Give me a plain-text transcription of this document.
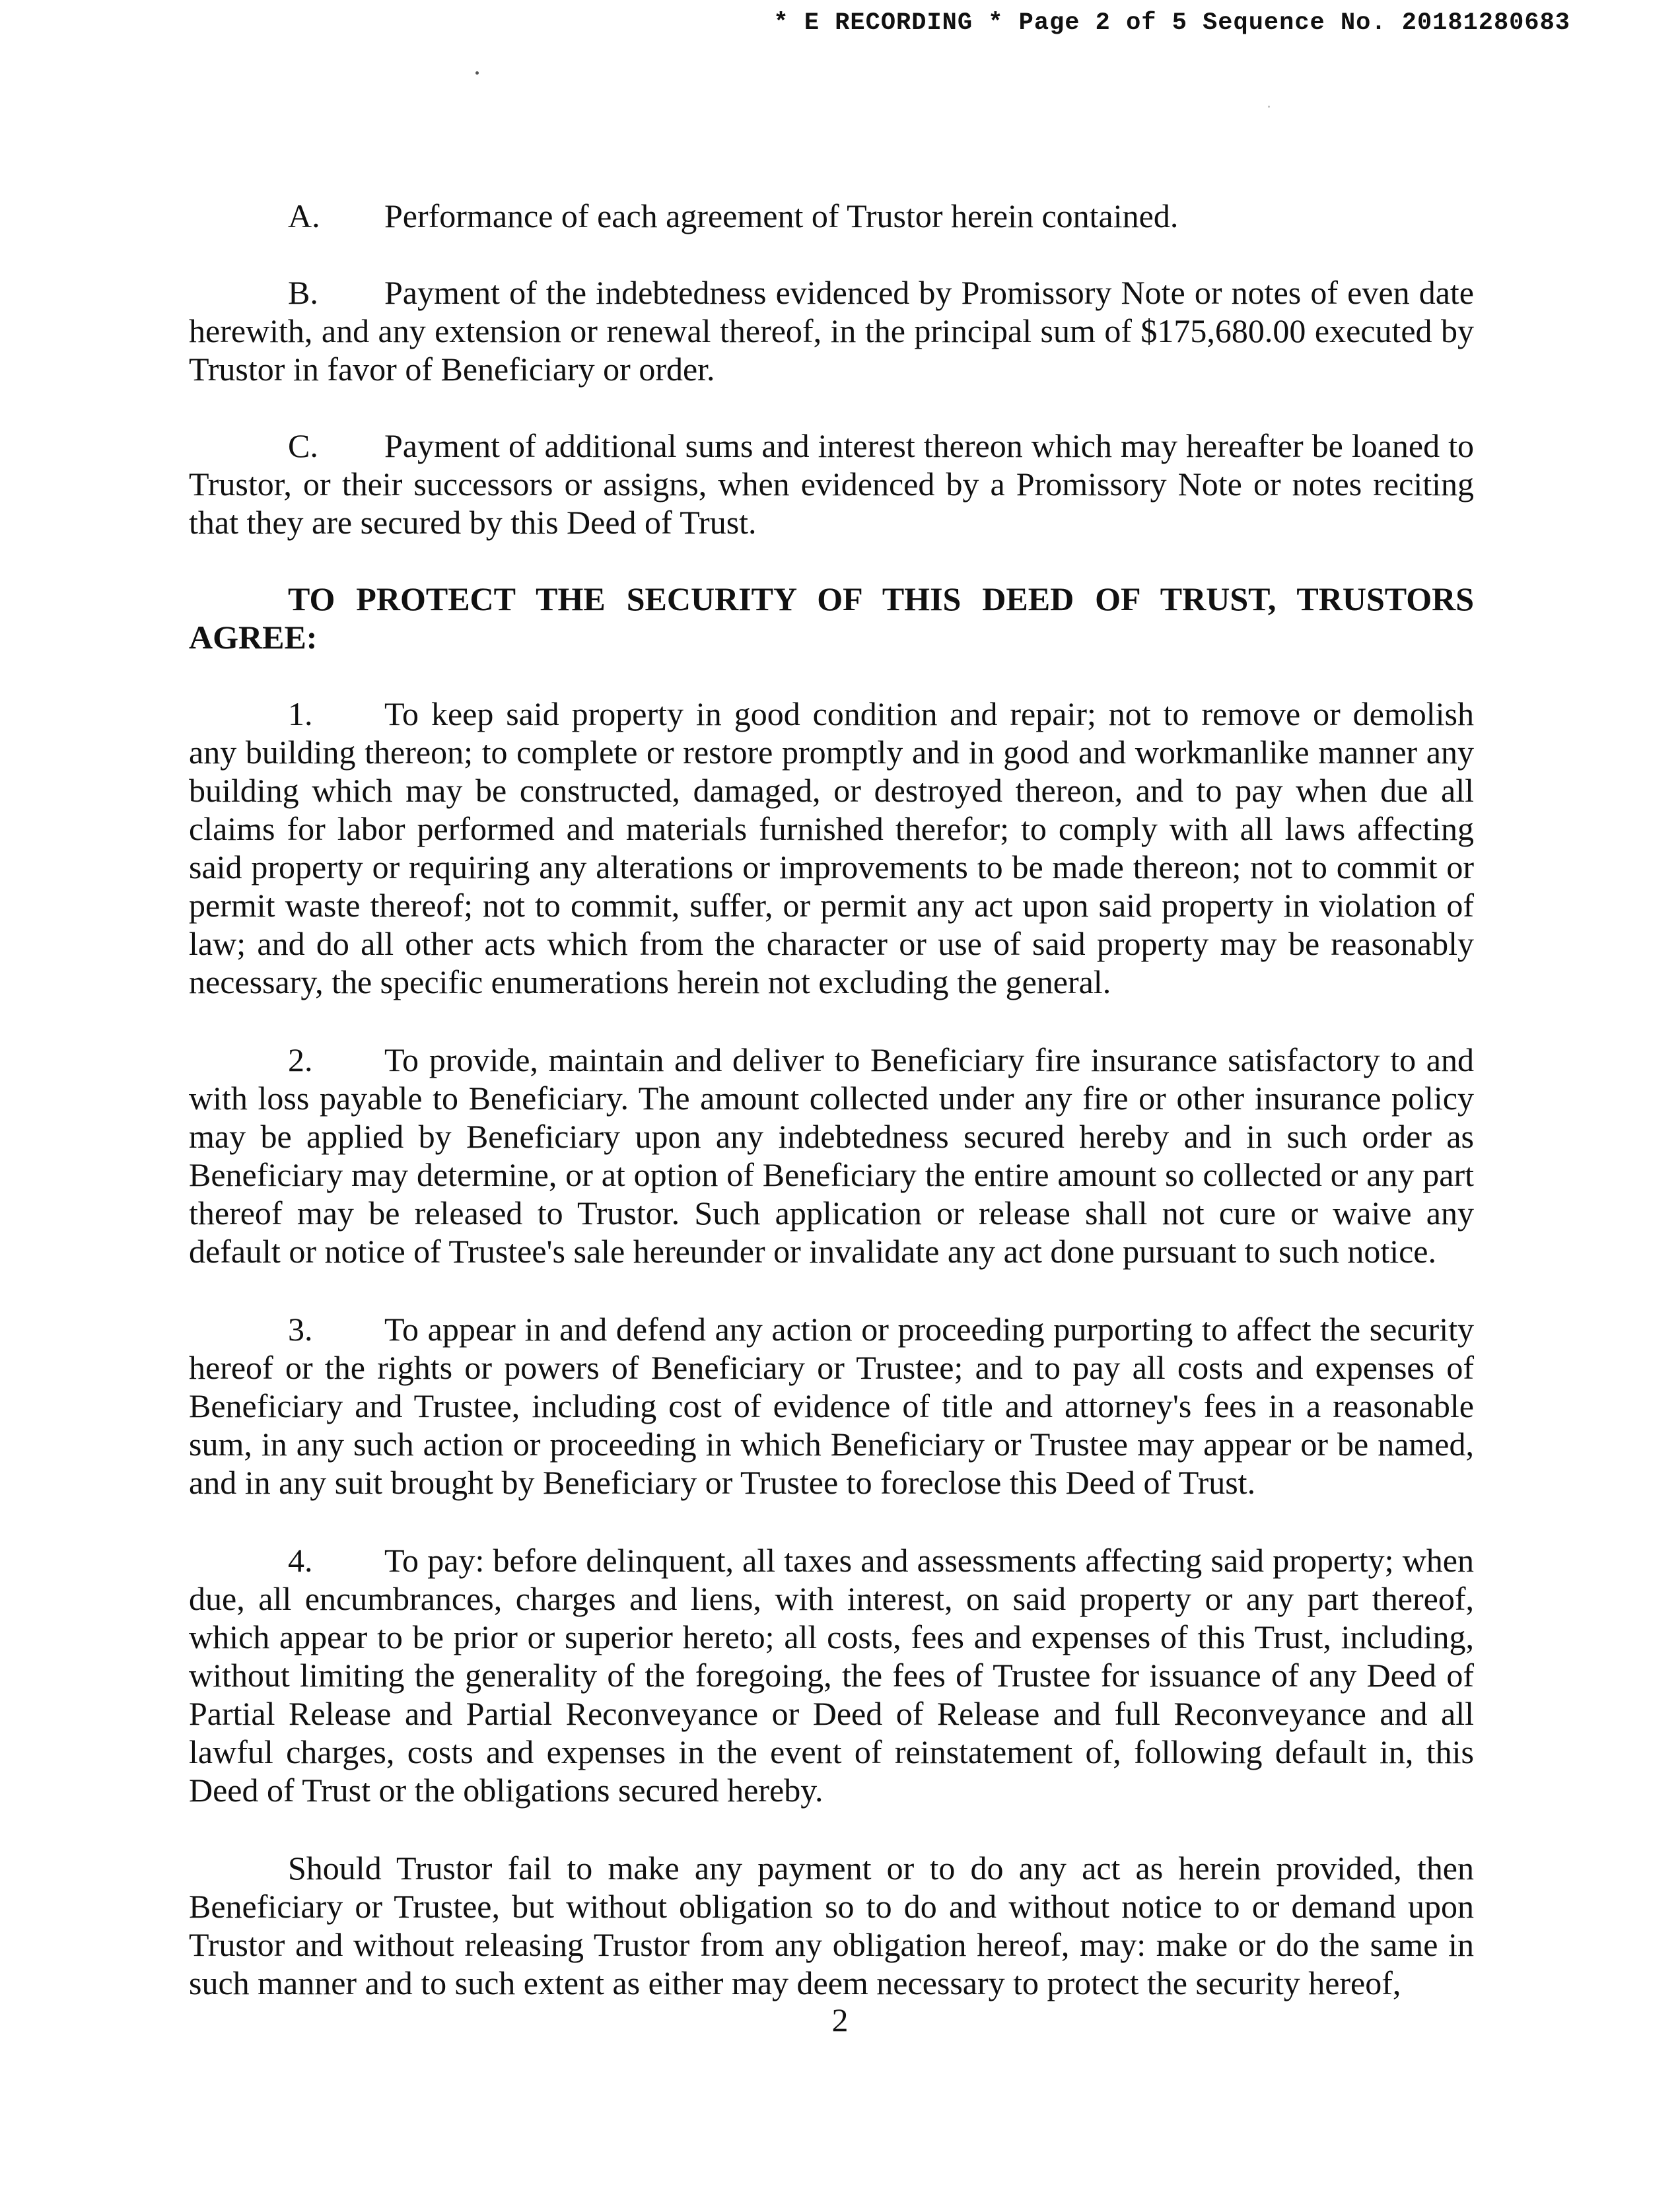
* E RECORDING * Page 2 of 5 Sequence No. 20181280683

A. Performance of each agreement of Trustor herein contained.

B. Payment of the indebtedness evidenced by Promissory Note or notes of even date herewith, and any extension or renewal thereof, in the principal sum of $175,680.00 executed by Trustor in favor of Beneficiary or order.

C. Payment of additional sums and interest thereon which may hereafter be loaned to Trustor, or their successors or assigns, when evidenced by a Promissory Note or notes reciting that they are secured by this Deed of Trust.

TO PROTECT THE SECURITY OF THIS DEED OF TRUST, TRUSTORS AGREE:

1. To keep said property in good condition and repair; not to remove or demolish any building thereon; to complete or restore promptly and in good and workmanlike manner any building which may be constructed, damaged, or destroyed thereon, and to pay when due all claims for labor performed and materials furnished therefor; to comply with all laws affecting said property or requiring any alterations or improvements to be made thereon; not to commit or permit waste thereof; not to commit, suffer, or permit any act upon said property in violation of law; and do all other acts which from the character or use of said property may be reasonably necessary, the specific enumerations herein not excluding the general.

2. To provide, maintain and deliver to Beneficiary fire insurance satisfactory to and with loss payable to Beneficiary. The amount collected under any fire or other insurance policy may be applied by Beneficiary upon any indebtedness secured hereby and in such order as Beneficiary may determine, or at option of Beneficiary the entire amount so collected or any part thereof may be released to Trustor. Such application or release shall not cure or waive any default or notice of Trustee's sale hereunder or invalidate any act done pursuant to such notice.

3. To appear in and defend any action or proceeding purporting to affect the security hereof or the rights or powers of Beneficiary or Trustee; and to pay all costs and expenses of Beneficiary and Trustee, including cost of evidence of title and attorney's fees in a reasonable sum, in any such action or proceeding in which Beneficiary or Trustee may appear or be named, and in any suit brought by Beneficiary or Trustee to foreclose this Deed of Trust.

4. To pay: before delinquent, all taxes and assessments affecting said property; when due, all encumbrances, charges and liens, with interest, on said property or any part thereof, which appear to be prior or superior hereto; all costs, fees and expenses of this Trust, including, without limiting the generality of the foregoing, the fees of Trustee for issuance of any Deed of Partial Release and Partial Reconveyance or Deed of Release and full Reconveyance and all lawful charges, costs and expenses in the event of reinstatement of, following default in, this Deed of Trust or the obligations secured hereby.

Should Trustor fail to make any payment or to do any act as herein provided, then Beneficiary or Trustee, but without obligation so to do and without notice to or demand upon Trustor and without releasing Trustor from any obligation hereof, may: make or do the same in such manner and to such extent as either may deem necessary to protect the security hereof,

2
